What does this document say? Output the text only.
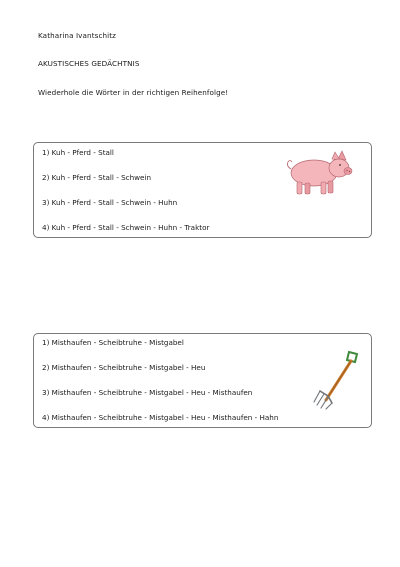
Katharina Ivantschitz
AKUSTISCHES GEDÄCHTNIS
Wiederhole die Wörter in der richtigen Reihenfolge!
1) Kuh - Pferd - Stall
2) Kuh - Pferd - Stall - Schwein
3) Kuh - Pferd - Stall - Schwein - Huhn
4) Kuh - Pferd - Stall - Schwein - Huhn - Traktor
1) Misthaufen - Scheibtruhe - Mistgabel
2) Misthaufen - Scheibtruhe - Mistgabel - Heu
3) Misthaufen - Scheibtruhe - Mistgabel - Heu - Misthaufen
4) Misthaufen - Scheibtruhe - Mistgabel - Heu - Misthaufen - Hahn
